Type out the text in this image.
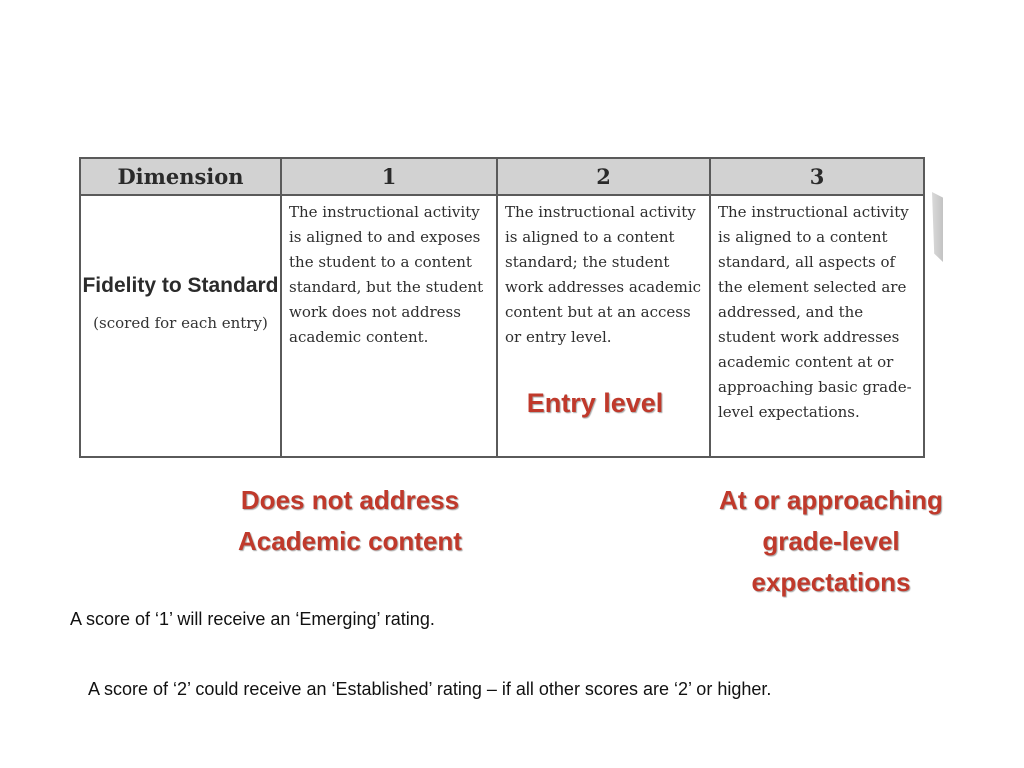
Dimension	1	2	3

Fidelity to Standard
(scored for each entry)	The instructional activity is aligned to and exposes the student to a content standard, but the student work does not address academic content.	The instructional activity is aligned to a content standard; the student work addresses academic content but at an access or entry level.	The instructional activity is aligned to a content standard, all aspects of the element selected are addressed, and the student work addresses academic content at or approaching basic grade-level expectations.
Entry level
Does not address Academic content
At or approaching grade-level expectations
A score of ‘1’ will receive an ‘Emerging’ rating.
A score of ‘2’ could receive an ‘Established’ rating – if all other scores are ‘2’ or higher.
